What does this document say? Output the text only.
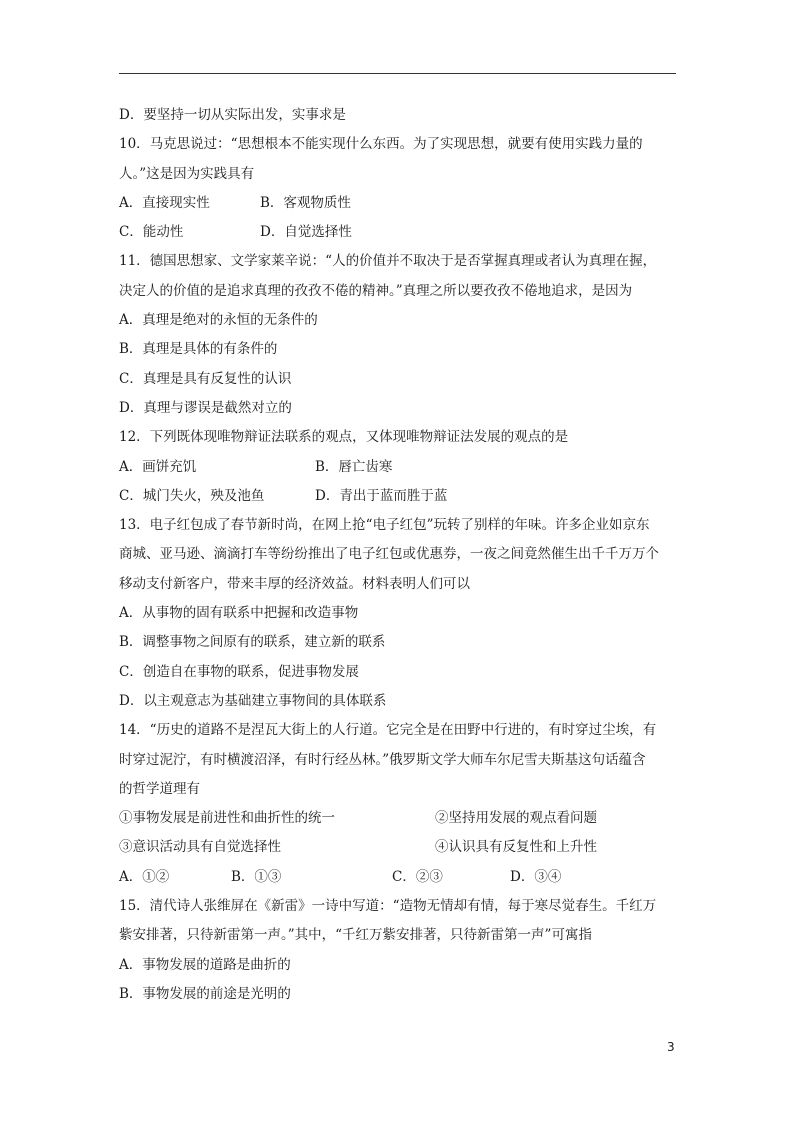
D．要坚持一切从实际出发，实事求是
10．马克思说过：“思想根本不能实现什么东西。为了实现思想，就要有使用实践力量的
人。”这是因为实践具有
A．直接现实性	B．客观物质性
C．能动性	D．自觉选择性
11．德国思想家、文学家莱辛说：“人的价值并不取决于是否掌握真理或者认为真理在握，
决定人的价值的是追求真理的孜孜不倦的精神。”真理之所以要孜孜不倦地追求，是因为
A．真理是绝对的永恒的无条件的
B．真理是具体的有条件的
C．真理是具有反复性的认识
D．真理与谬误是截然对立的
12．下列既体现唯物辩证法联系的观点，又体现唯物辩证法发展的观点的是
A．画饼充饥	B．唇亡齿寒
C．城门失火，殃及池鱼	D．青出于蓝而胜于蓝
13．电子红包成了春节新时尚，在网上抢“电子红包”玩转了别样的年味。许多企业如京东
商城、亚马逊、滴滴打车等纷纷推出了电子红包或优惠券，一夜之间竟然催生出千千万万个
移动支付新客户，带来丰厚的经济效益。材料表明人们可以
A．从事物的固有联系中把握和改造事物
B．调整事物之间原有的联系，建立新的联系
C．创造自在事物的联系，促进事物发展
D．以主观意志为基础建立事物间的具体联系
14．“历史的道路不是涅瓦大街上的人行道。它完全是在田野中行进的，有时穿过尘埃，有
时穿过泥泞，有时横渡沼泽，有时行经丛林。”俄罗斯文学大师车尔尼雪夫斯基这句话蕴含
的哲学道理有
①事物发展是前进性和曲折性的统一	②坚持用发展的观点看问题
③意识活动具有自觉选择性	④认识具有反复性和上升性
A．①②	B．①③	C．②③	D．③④
15．清代诗人张维屏在《新雷》一诗中写道：“造物无情却有情，每于寒尽觉春生。千红万
紫安排著，只待新雷第一声。”其中，“千红万紫安排著，只待新雷第一声”可寓指
A．事物发展的道路是曲折的
B．事物发展的前途是光明的
3
